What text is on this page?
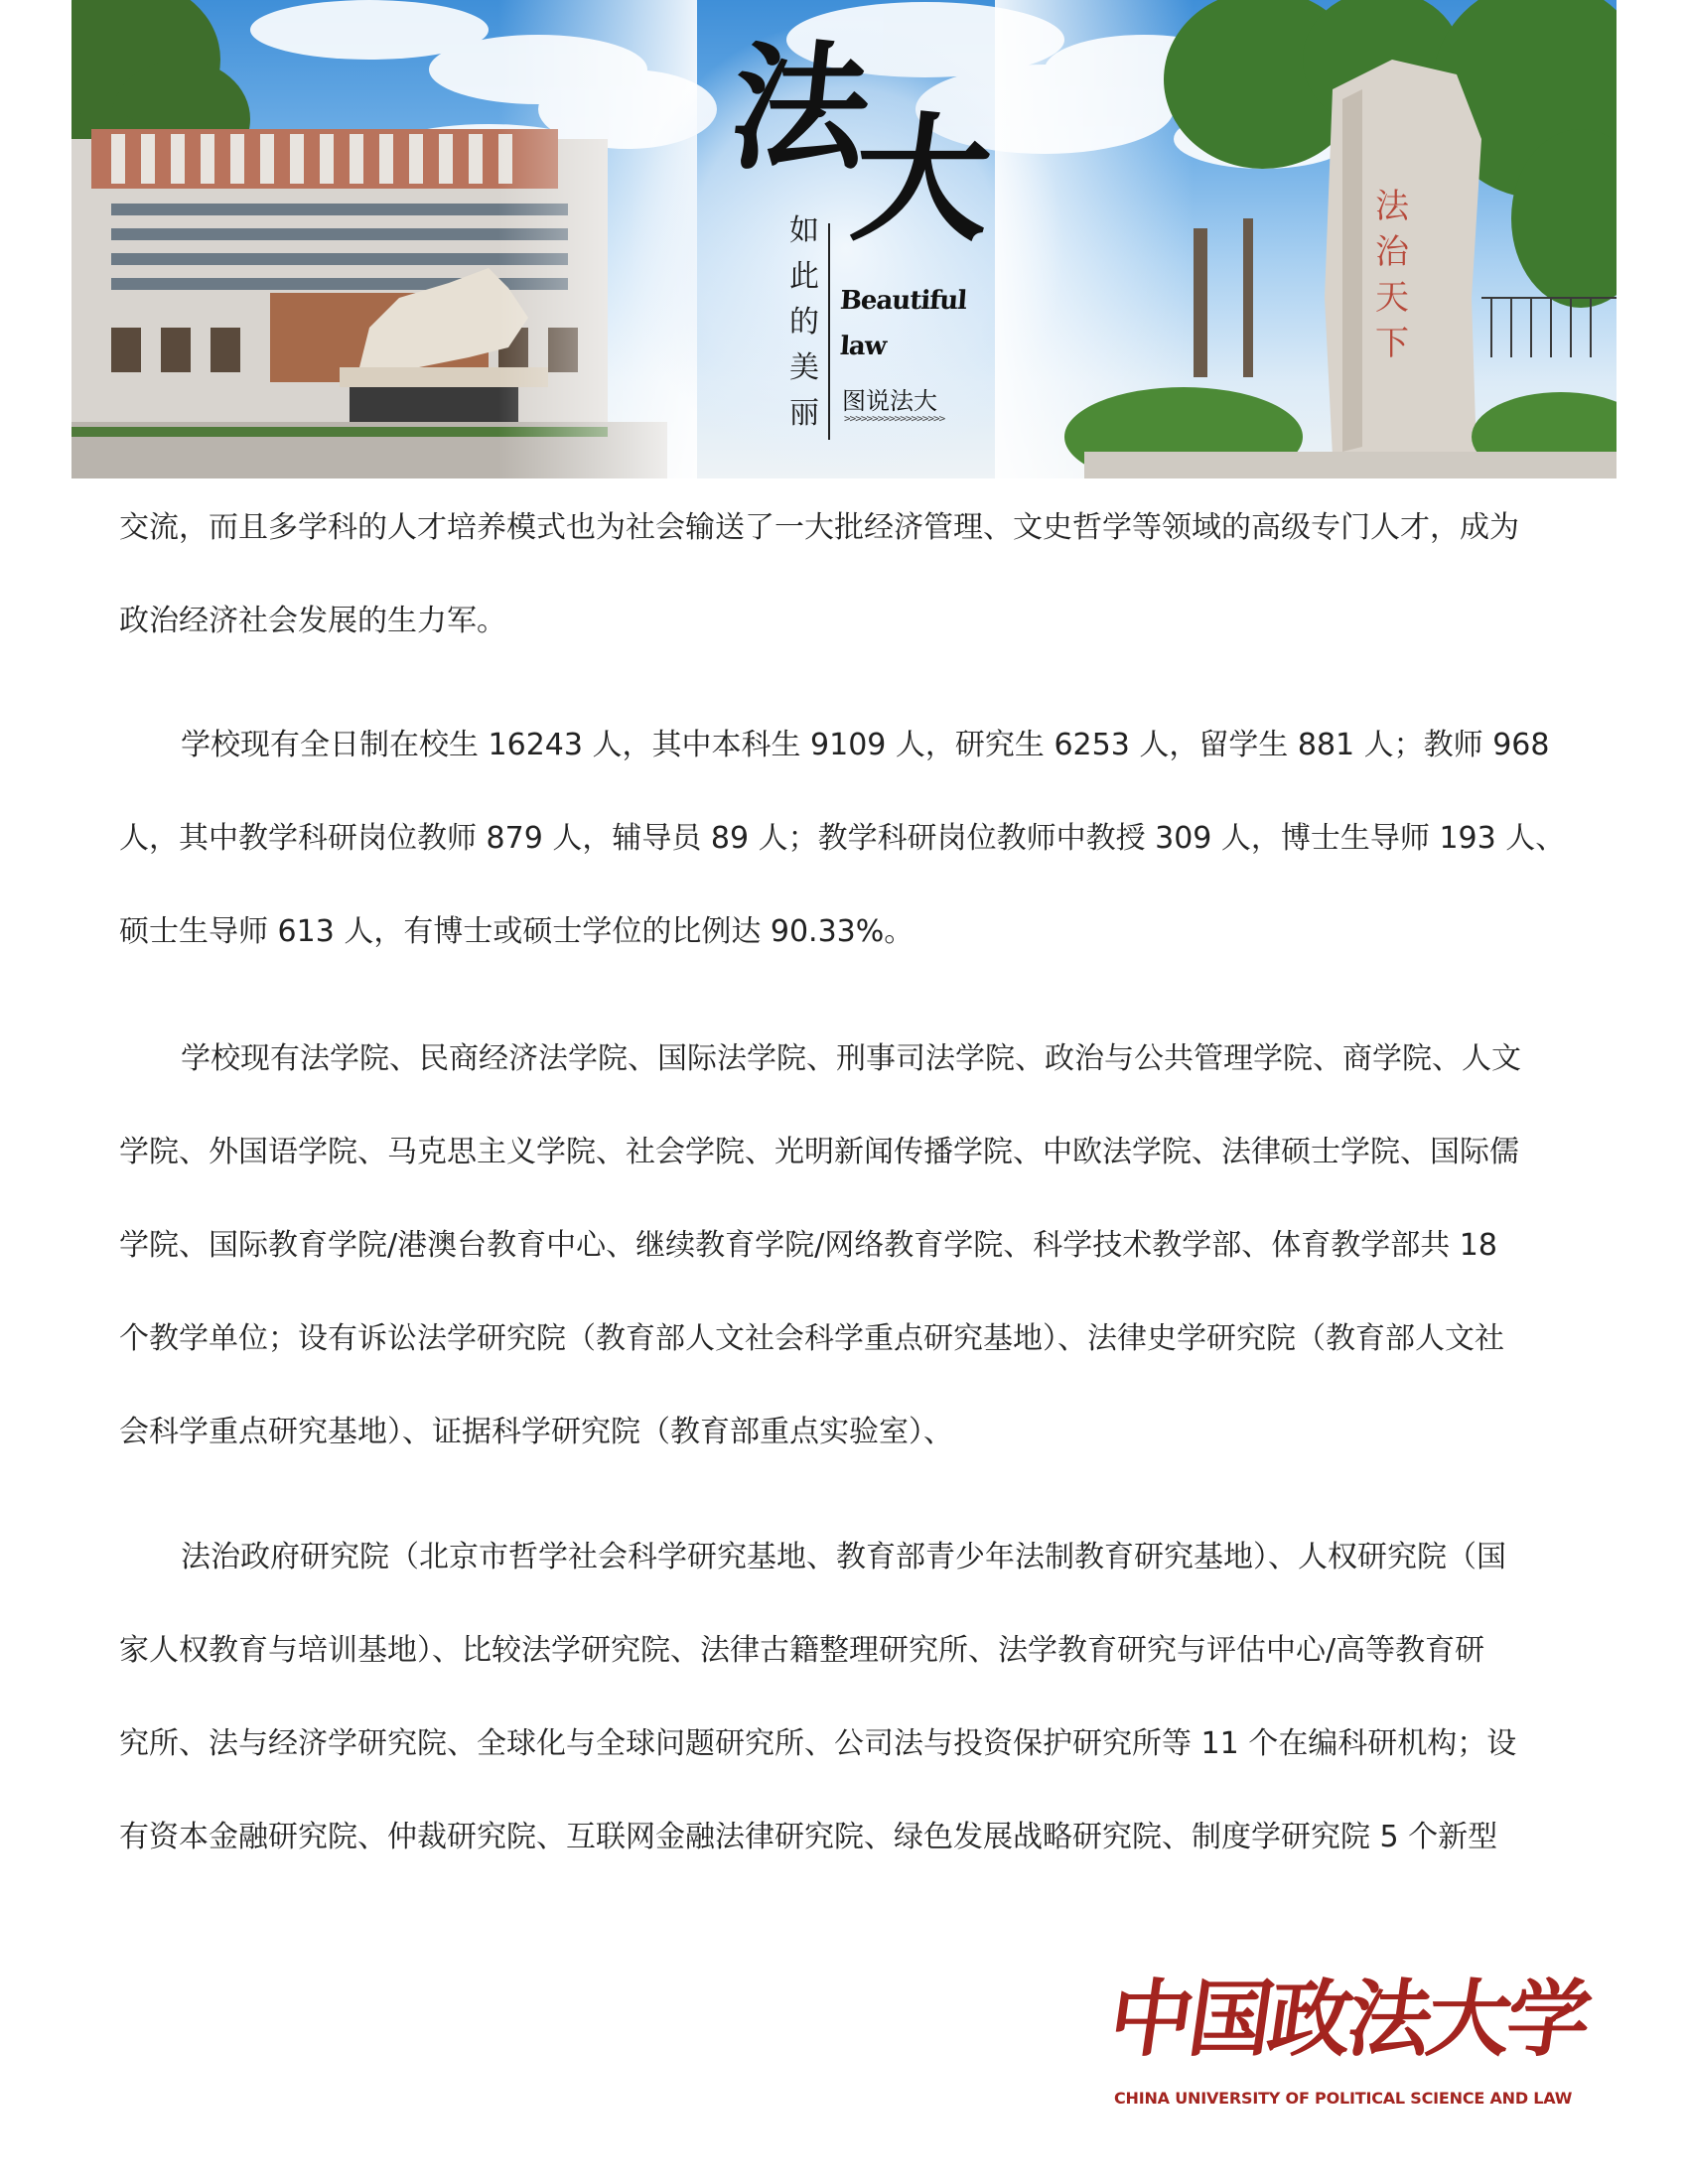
法大
如
此
的
美
丽
Beautiful
law
图说法大
>>>>>>>>>>>>>>>>>>
法
治
天
下
交流，而且多学科的人才培养模式也为社会输送了一大批经济管理、文史哲学等领域的高级专门人才，成为
政治经济社会发展的生力军。
学校现有全日制在校生 16243 人，其中本科生 9109 人，研究生 6253 人，留学生 881 人；教师 968
人，其中教学科研岗位教师 879 人，辅导员 89 人；教学科研岗位教师中教授 309 人，博士生导师 193 人、
硕士生导师 613 人，有博士或硕士学位的比例达 90.33%。
学校现有法学院、民商经济法学院、国际法学院、刑事司法学院、政治与公共管理学院、商学院、人文
学院、外国语学院、马克思主义学院、社会学院、光明新闻传播学院、中欧法学院、法律硕士学院、国际儒
学院、国际教育学院/港澳台教育中心、继续教育学院/网络教育学院、科学技术教学部、体育教学部共 18
个教学单位；设有诉讼法学研究院（教育部人文社会科学重点研究基地）、法律史学研究院（教育部人文社
会科学重点研究基地）、证据科学研究院（教育部重点实验室）、
法治政府研究院（北京市哲学社会科学研究基地、教育部青少年法制教育研究基地）、人权研究院（国
家人权教育与培训基地）、比较法学研究院、法律古籍整理研究所、法学教育研究与评估中心/高等教育研
究所、法与经济学研究院、全球化与全球问题研究所、公司法与投资保护研究所等 11 个在编科研机构；设
有资本金融研究院、仲裁研究院、互联网金融法律研究院、绿色发展战略研究院、制度学研究院 5 个新型
中国政法大学
CHINA UNIVERSITY OF POLITICAL SCIENCE AND LAW
